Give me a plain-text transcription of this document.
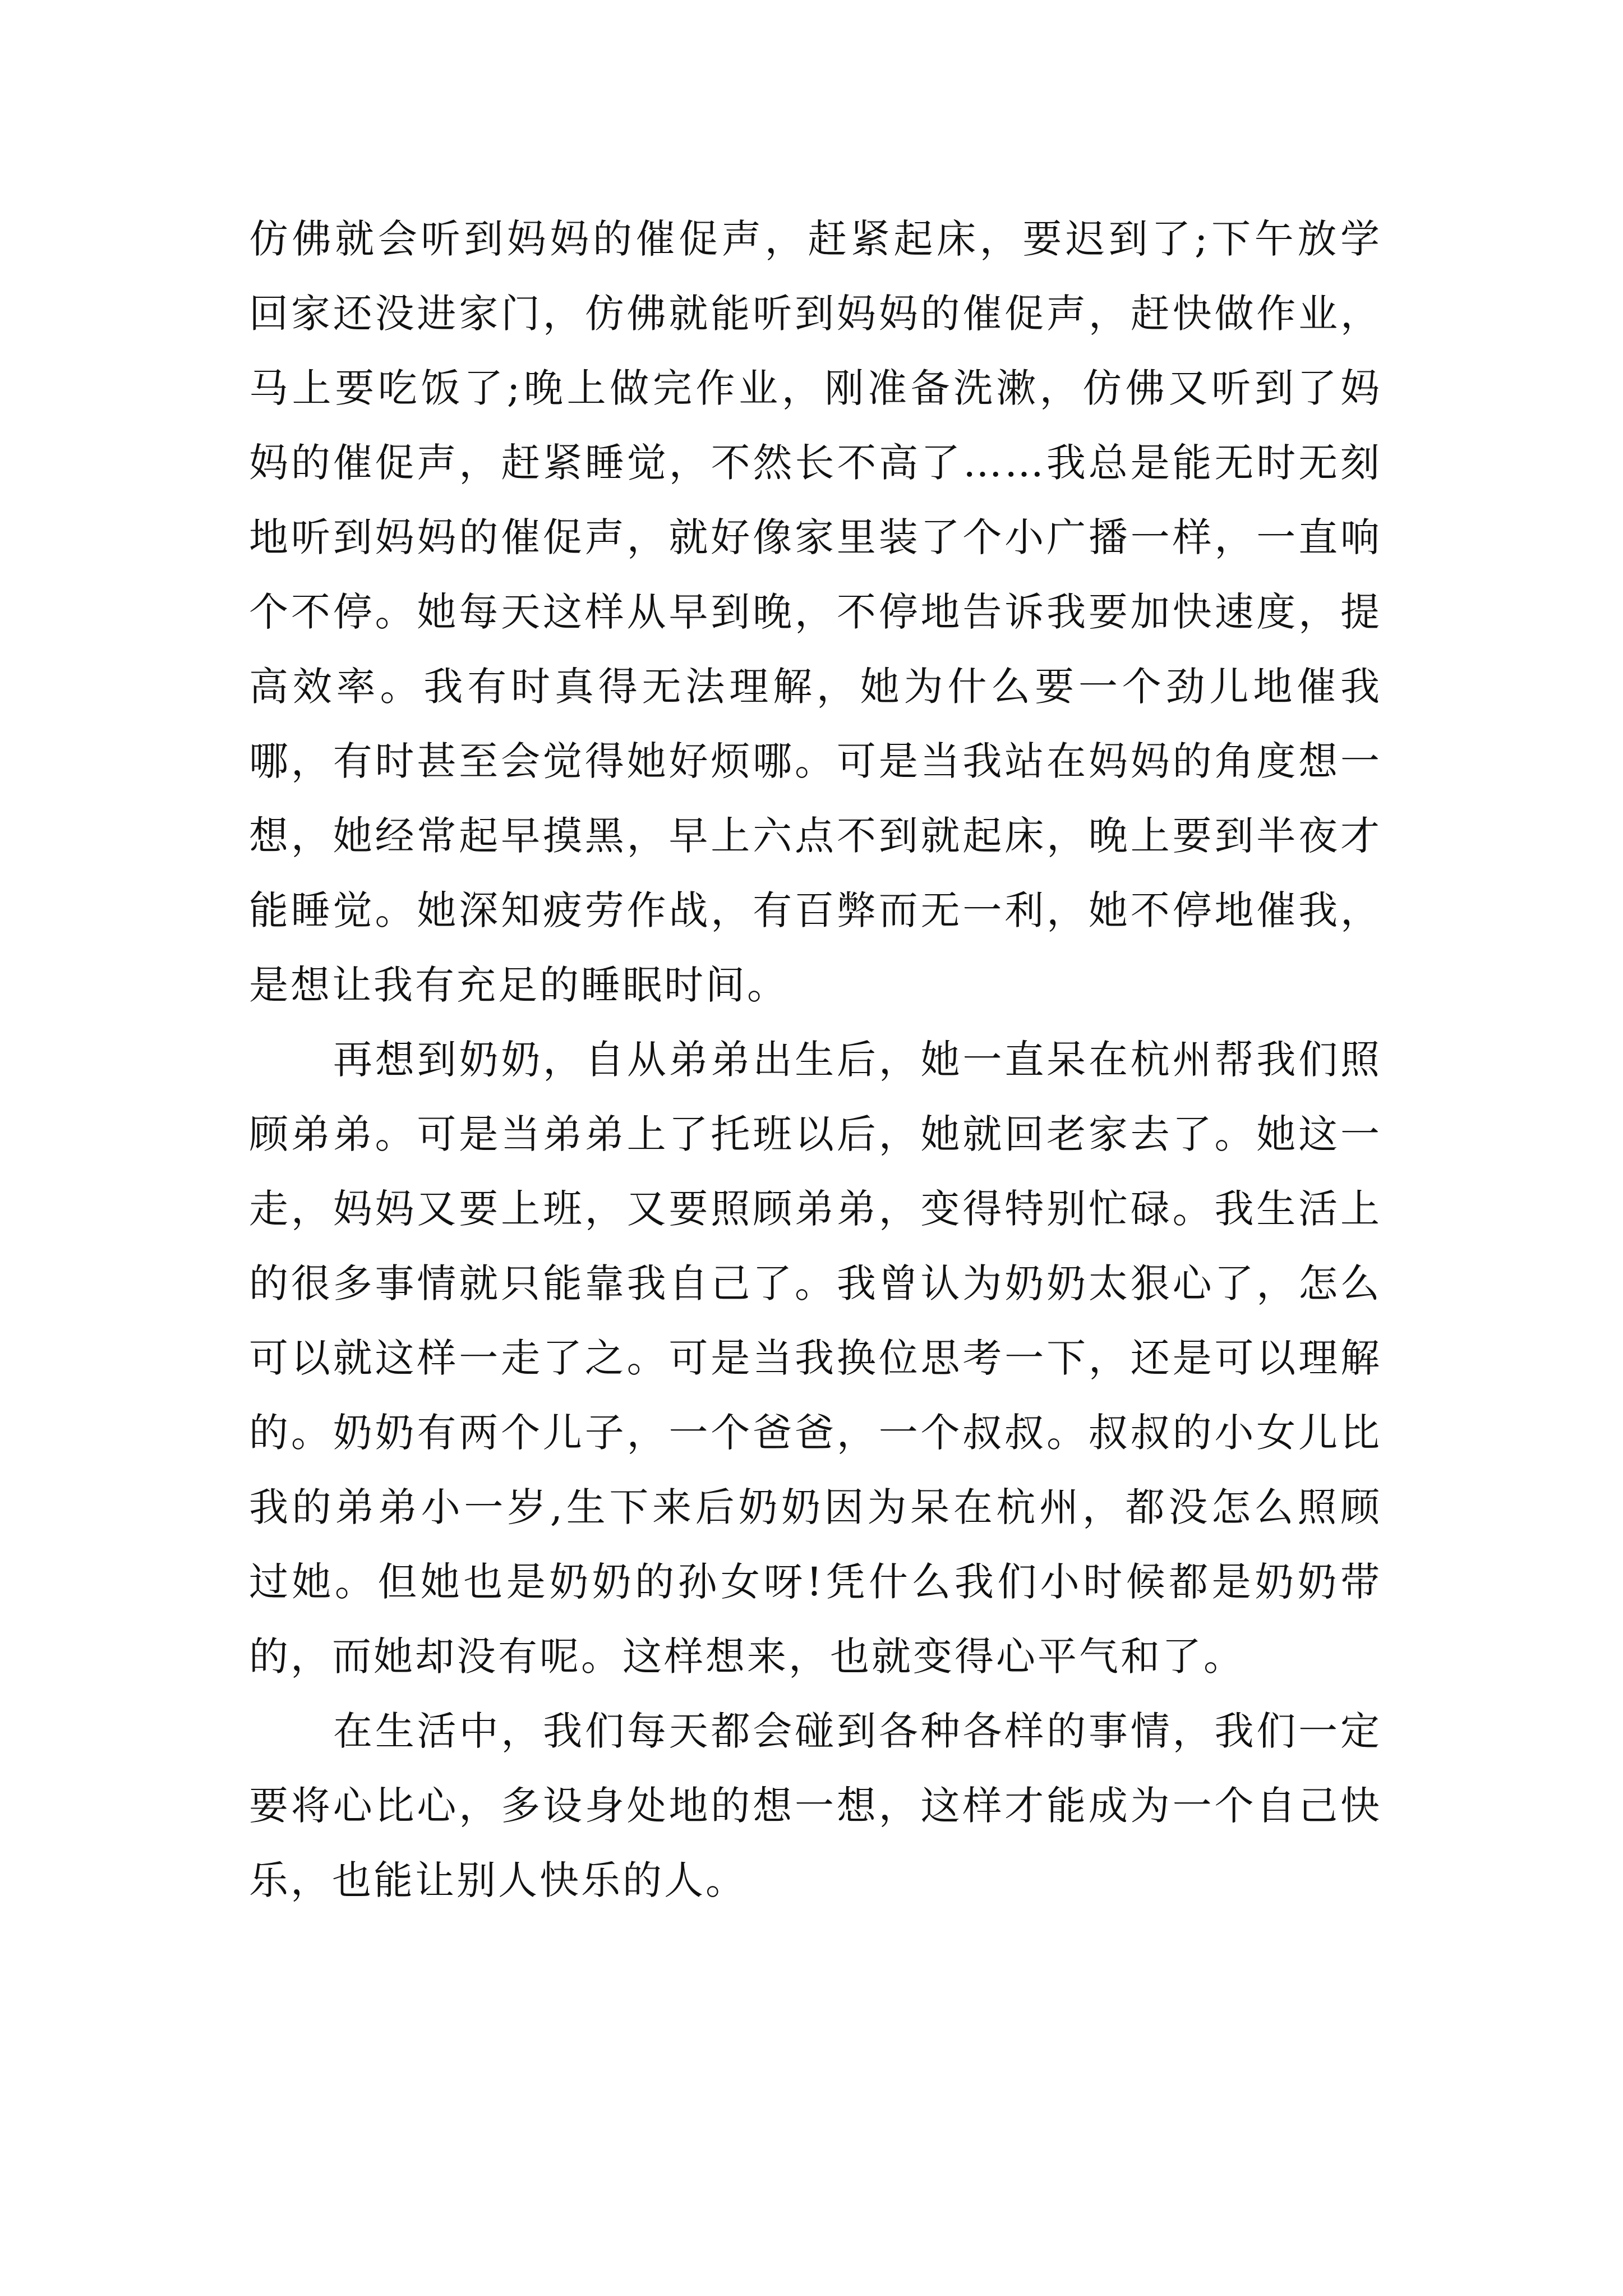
仿佛就会听到妈妈的催促声，赶紧起床，要迟到了;下午放学回家还没进家门，仿佛就能听到妈妈的催促声，赶快做作业，马上要吃饭了;晚上做完作业，刚准备洗漱，仿佛又听到了妈妈的催促声，赶紧睡觉，不然长不高了……我总是能无时无刻地听到妈妈的催促声，就好像家里装了个小广播一样，一直响个不停。她每天这样从早到晚，不停地告诉我要加快速度，提高效率。我有时真得无法理解，她为什么要一个劲儿地催我哪，有时甚至会觉得她好烦哪。可是当我站在妈妈的角度想一想，她经常起早摸黑，早上六点不到就起床，晚上要到半夜才能睡觉。她深知疲劳作战，有百弊而无一利，她不停地催我，是想让我有充足的睡眠时间。

再想到奶奶，自从弟弟出生后，她一直呆在杭州帮我们照顾弟弟。可是当弟弟上了托班以后，她就回老家去了。她这一走，妈妈又要上班，又要照顾弟弟，变得特别忙碌。我生活上的很多事情就只能靠我自己了。我曾认为奶奶太狠心了，怎么可以就这样一走了之。可是当我换位思考一下，还是可以理解的。奶奶有两个儿子，一个爸爸，一个叔叔。叔叔的小女儿比我的弟弟小一岁,生下来后奶奶因为呆在杭州，都没怎么照顾过她。但她也是奶奶的孙女呀!凭什么我们小时候都是奶奶带的，而她却没有呢。这样想来，也就变得心平气和了。

在生活中，我们每天都会碰到各种各样的事情，我们一定要将心比心，多设身处地的想一想，这样才能成为一个自己快乐，也能让别人快乐的人。
